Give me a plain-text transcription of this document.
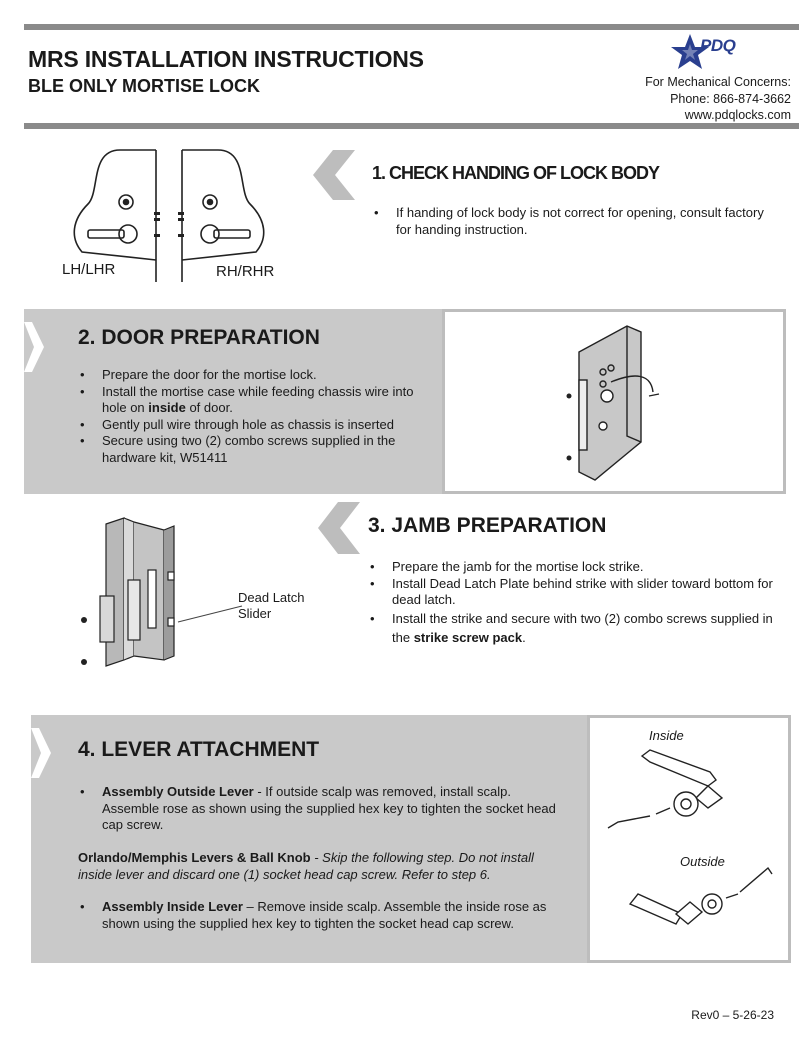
MRS INSTALLATION INSTRUCTIONS
BLE ONLY MORTISE LOCK
PDQ
For Mechanical Concerns:
Phone: 866-874-3662
www.pdqlocks.com
LH/LHR	RH/RHR
1. CHECK HANDING OF LOCK BODY
• If handing of lock body is not correct for opening, consult factory for handing instruction.
2. DOOR PREPARATION
• Prepare the door for the mortise lock.
• Install the mortise case while feeding chassis wire into hole on inside of door.
• Gently pull wire through hole as chassis is inserted
• Secure using two (2) combo screws supplied in the hardware kit, W51411
Dead Latch
Slider
3. JAMB PREPARATION
• Prepare the jamb for the mortise lock strike.
• Install Dead Latch Plate behind strike with slider toward bottom for dead latch.
• Install the strike and secure with two (2) combo screws supplied in the strike screw pack.
Inside
Outside
4. LEVER ATTACHMENT
• Assembly Outside Lever - If outside scalp was removed, install scalp. Assemble rose as shown using the supplied hex key to tighten the socket head cap screw.
Orlando/Memphis Levers & Ball Knob - Skip the following step. Do not install inside lever and discard one (1) socket head cap screw. Refer to step 6.
• Assembly Inside Lever – Remove inside scalp. Assemble the inside rose as shown using the supplied hex key to tighten the socket head cap screw.
Rev0 – 5-26-23
